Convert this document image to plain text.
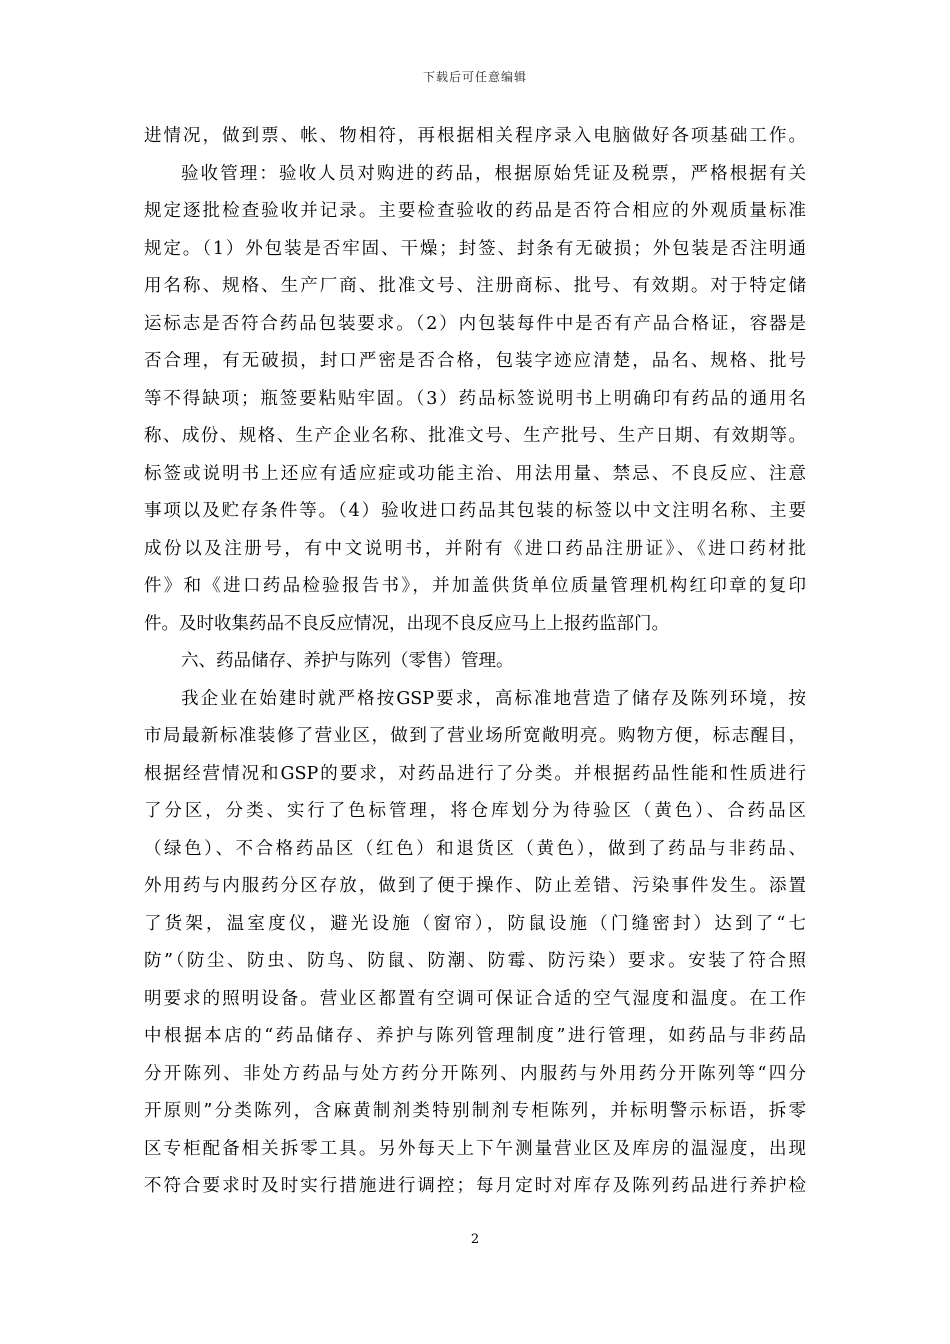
下载后可任意编辑
进情况，做到票、帐、物相符，再根据相关程序录入电脑做好各项基础工作。
验收管理：验收人员对购进的药品，根据原始凭证及税票，严格根据有关
规定逐批检查验收并记录。主要检查验收的药品是否符合相应的外观质量标准
规定。（1）外包装是否牢固、干燥；封签、封条有无破损；外包装是否注明通
用名称、规格、生产厂商、批准文号、注册商标、批号、有效期。对于特定储
运标志是否符合药品包装要求。（2）内包装每件中是否有产品合格证，容器是
否合理，有无破损，封口严密是否合格，包装字迹应清楚，品名、规格、批号
等不得缺项；瓶签要粘贴牢固。（3）药品标签说明书上明确印有药品的通用名
称、成份、规格、生产企业名称、批准文号、生产批号、生产日期、有效期等。
标签或说明书上还应有适应症或功能主治、用法用量、禁忌、不良反应、注意
事项以及贮存条件等。（4）验收进口药品其包装的标签以中文注明名称、主要
成份以及注册号，有中文说明书，并附有《进口药品注册证》、《进口药材批
件》和《进口药品检验报告书》，并加盖供货单位质量管理机构红印章的复印
件。及时收集药品不良反应情况，出现不良反应马上上报药监部门。
六、药品储存、养护与陈列（零售）管理。
我企业在始建时就严格按GSP要求，高标准地营造了储存及陈列环境，按
市局最新标准装修了营业区，做到了营业场所宽敞明亮。购物方便，标志醒目，
根据经营情况和GSP的要求，对药品进行了分类。并根据药品性能和性质进行
了分区，分类、实行了色标管理，将仓库划分为待验区（黄色）、合药品区
（绿色）、不合格药品区（红色）和退货区（黄色），做到了药品与非药品、
外用药与内服药分区存放，做到了便于操作、防止差错、污染事件发生。添置
了货架，温室度仪，避光设施（窗帘），防鼠设施（门缝密封）达到了“七
防”（防尘、防虫、防鸟、防鼠、防潮、防霉、防污染）要求。安装了符合照
明要求的照明设备。营业区都置有空调可保证合适的空气湿度和温度。在工作
中根据本店的“药品储存、养护与陈列管理制度”进行管理，如药品与非药品
分开陈列、非处方药品与处方药分开陈列、内服药与外用药分开陈列等“四分
开原则”分类陈列，含麻黄制剂类特别制剂专柜陈列，并标明警示标语，拆零
区专柜配备相关拆零工具。另外每天上下午测量营业区及库房的温湿度，出现
不符合要求时及时实行措施进行调控；每月定时对库存及陈列药品进行养护检
2
